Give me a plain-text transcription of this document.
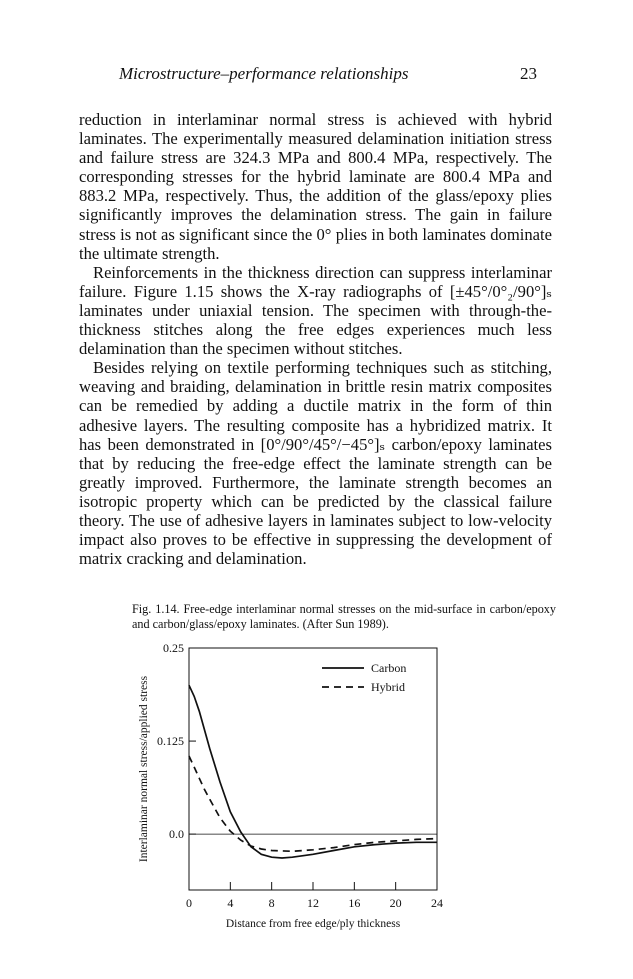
Microstructure–performance relationships	23

reduction in interlaminar normal stress is achieved with hybrid laminates. The experimentally measured delamination initiation stress and failure stress are 324.3 MPa and 800.4 MPa, respectively. The corresponding stresses for the hybrid laminate are 800.4 MPa and 883.2 MPa, respectively. Thus, the addition of the glass/epoxy plies significantly improves the delamination stress. The gain in failure stress is not as significant since the 0° plies in both laminates dominate the ultimate strength.

Reinforcements in the thickness direction can suppress interlaminar failure. Figure 1.15 shows the X-ray radiographs of [±45°/0°₂/90°]ₛ laminates under uniaxial tension. The specimen with through-the-thickness stitches along the free edges experiences much less delamination than the specimen without stitches.

Besides relying on textile performing techniques such as stitching, weaving and braiding, delamination in brittle resin matrix composites can be remedied by adding a ductile matrix in the form of thin adhesive layers. The resulting composite has a hybridized matrix. It has been demonstrated in [0°/90°/45°/−45°]ₛ carbon/epoxy laminates that by reducing the free-edge effect the laminate strength can be greatly improved. Furthermore, the laminate strength becomes an isotropic property which can be predicted by the classical failure theory. The use of adhesive layers in laminates subject to low-velocity impact also proves to be effective in suppressing the development of matrix cracking and delamination.

Fig. 1.14. Free-edge interlaminar normal stresses on the mid-surface in carbon/epoxy and carbon/glass/epoxy laminates. (After Sun 1989).
0.25
0.125
0.0
0	4	8	12 16 20 24
Distance from free edge/ply thickness
Interlaminar normal stress/applied stress
Carbon
Hybrid
